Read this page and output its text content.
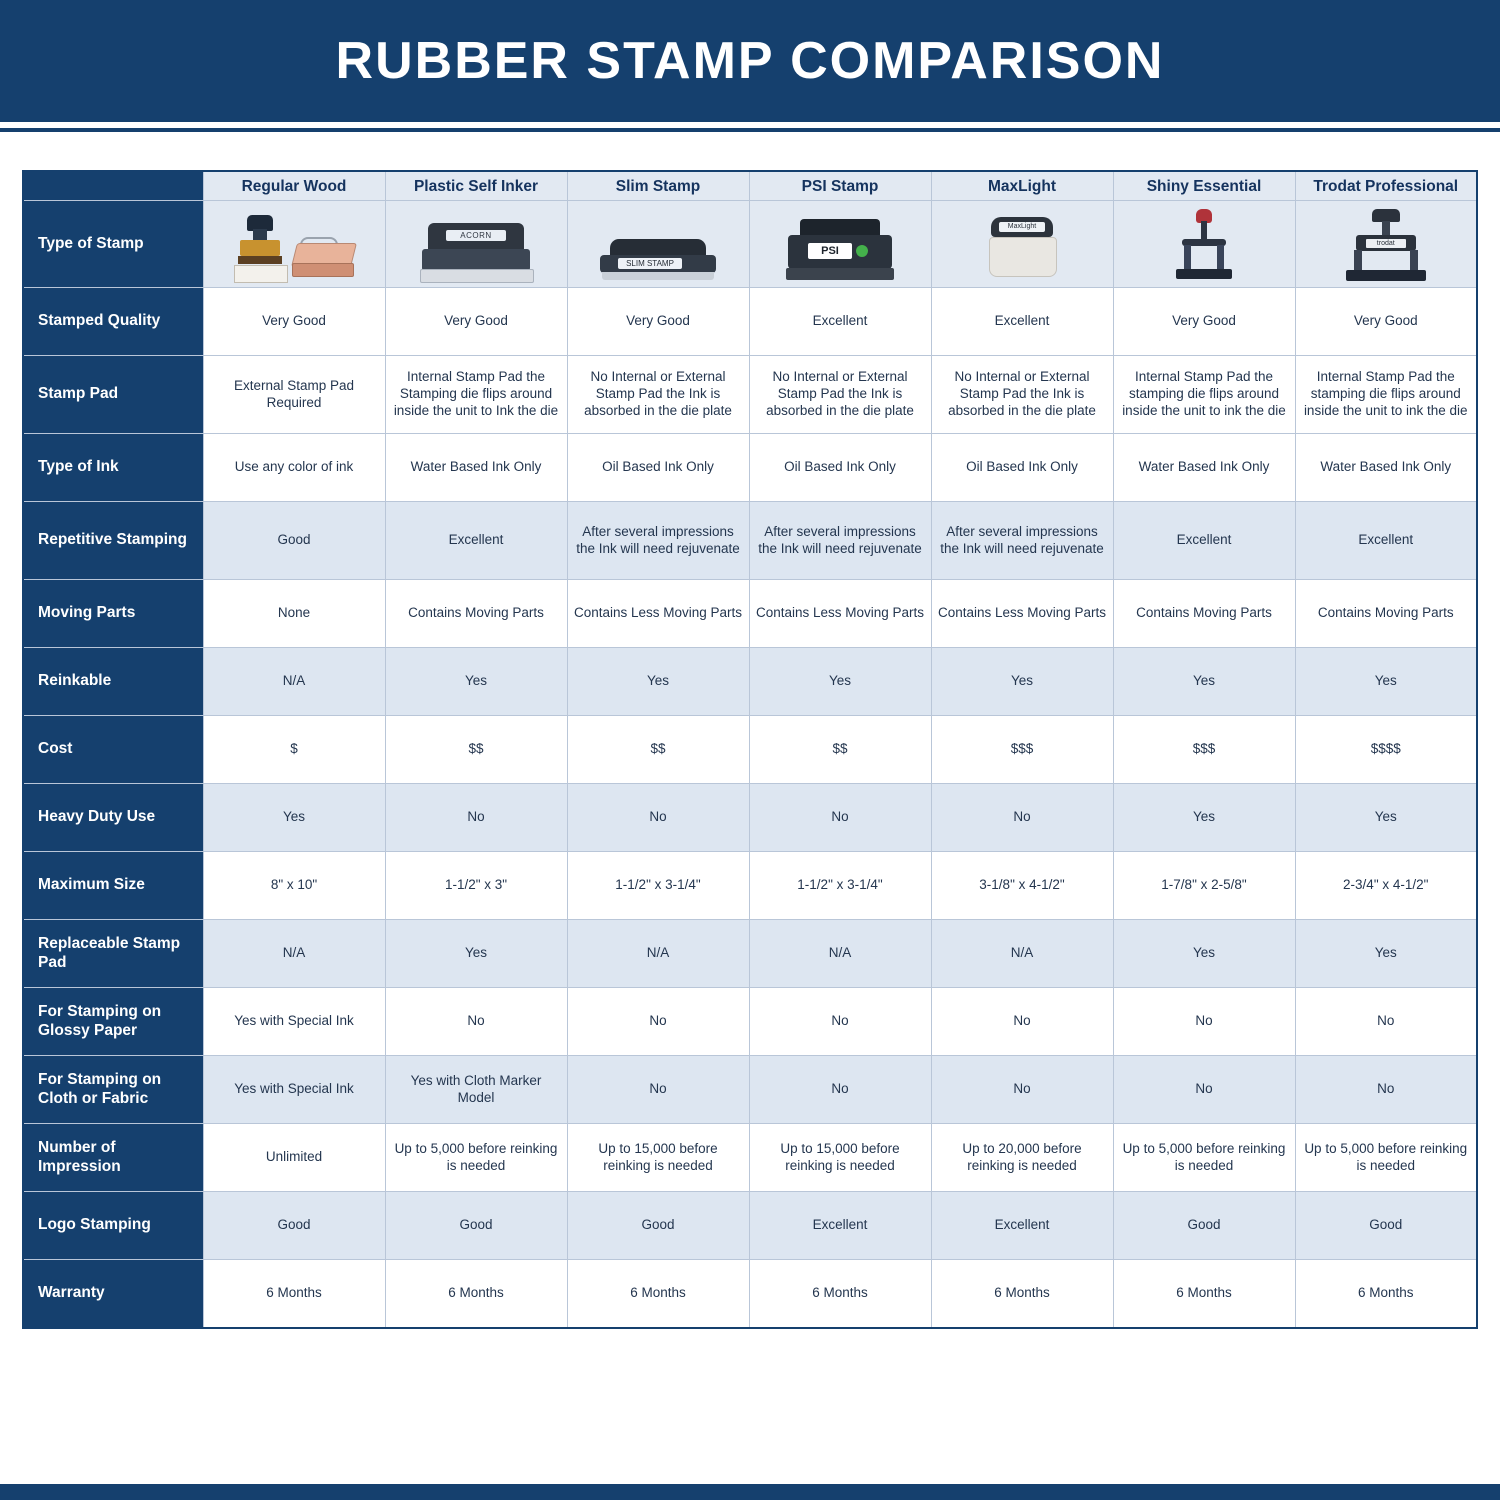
RUBBER STAMP COMPARISON
	Regular Wood	Plastic Self Inker	Slim Stamp	PSI Stamp	MaxLight	Shiny Essential	Trodat Professional
Type of Stamp		ACORN	SLIM STAMP	PSI	MaxLight		trodat

Stamped Quality	Very Good	Very Good	Very Good	Excellent	Excellent	Very Good	Very Good
Stamp Pad	External Stamp Pad Required	Internal Stamp Pad the Stamping die flips around inside the unit to Ink the die	No Internal or External Stamp Pad the Ink is absorbed in the die plate	No Internal or External Stamp Pad the Ink is absorbed in the die plate	No Internal or External Stamp Pad the Ink is absorbed in the die plate	Internal Stamp Pad the stamping die flips around inside the unit to ink the die	Internal Stamp Pad the stamping die flips around inside the unit to ink the die
Type of Ink	Use any color of ink	Water Based Ink Only	Oil Based Ink Only	Oil Based Ink Only	Oil Based Ink Only	Water Based Ink Only	Water Based Ink Only
Repetitive Stamping	Good	Excellent	After several impressions the Ink will need rejuvenate	After several impressions the Ink will need rejuvenate	After several impressions the Ink will need rejuvenate	Excellent	Excellent
Moving Parts	None	Contains Moving Parts	Contains Less Moving Parts	Contains Less Moving Parts	Contains Less Moving Parts	Contains Moving Parts	Contains Moving Parts
Reinkable	N/A	Yes	Yes	Yes	Yes	Yes	Yes
Cost	$	$$	$$	$$	$$$	$$$	$$$$
Heavy Duty Use	Yes	No	No	No	No	Yes	Yes
Maximum Size	8" x 10"	1-1/2" x 3"	1-1/2" x 3-1/4"	1-1/2" x 3-1/4"	3-1/8" x 4-1/2"	1-7/8" x 2-5/8"	2-3/4" x 4-1/2"
Replaceable Stamp Pad	N/A	Yes	N/A	N/A	N/A	Yes	Yes
For Stamping on Glossy Paper	Yes with Special Ink	No	No	No	No	No	No
For Stamping on Cloth or Fabric	Yes with Special Ink	Yes with Cloth Marker Model	No	No	No	No	No
Number of Impression	Unlimited	Up to 5,000 before reinking is needed	Up to 15,000 before reinking is needed	Up to 15,000 before reinking is needed	Up to 20,000 before reinking is needed	Up to 5,000 before reinking is needed	Up to 5,000 before reinking is needed
Logo Stamping	Good	Good	Good	Excellent	Excellent	Good	Good
Warranty	6 Months	6 Months	6 Months	6 Months	6 Months	6 Months	6 Months
